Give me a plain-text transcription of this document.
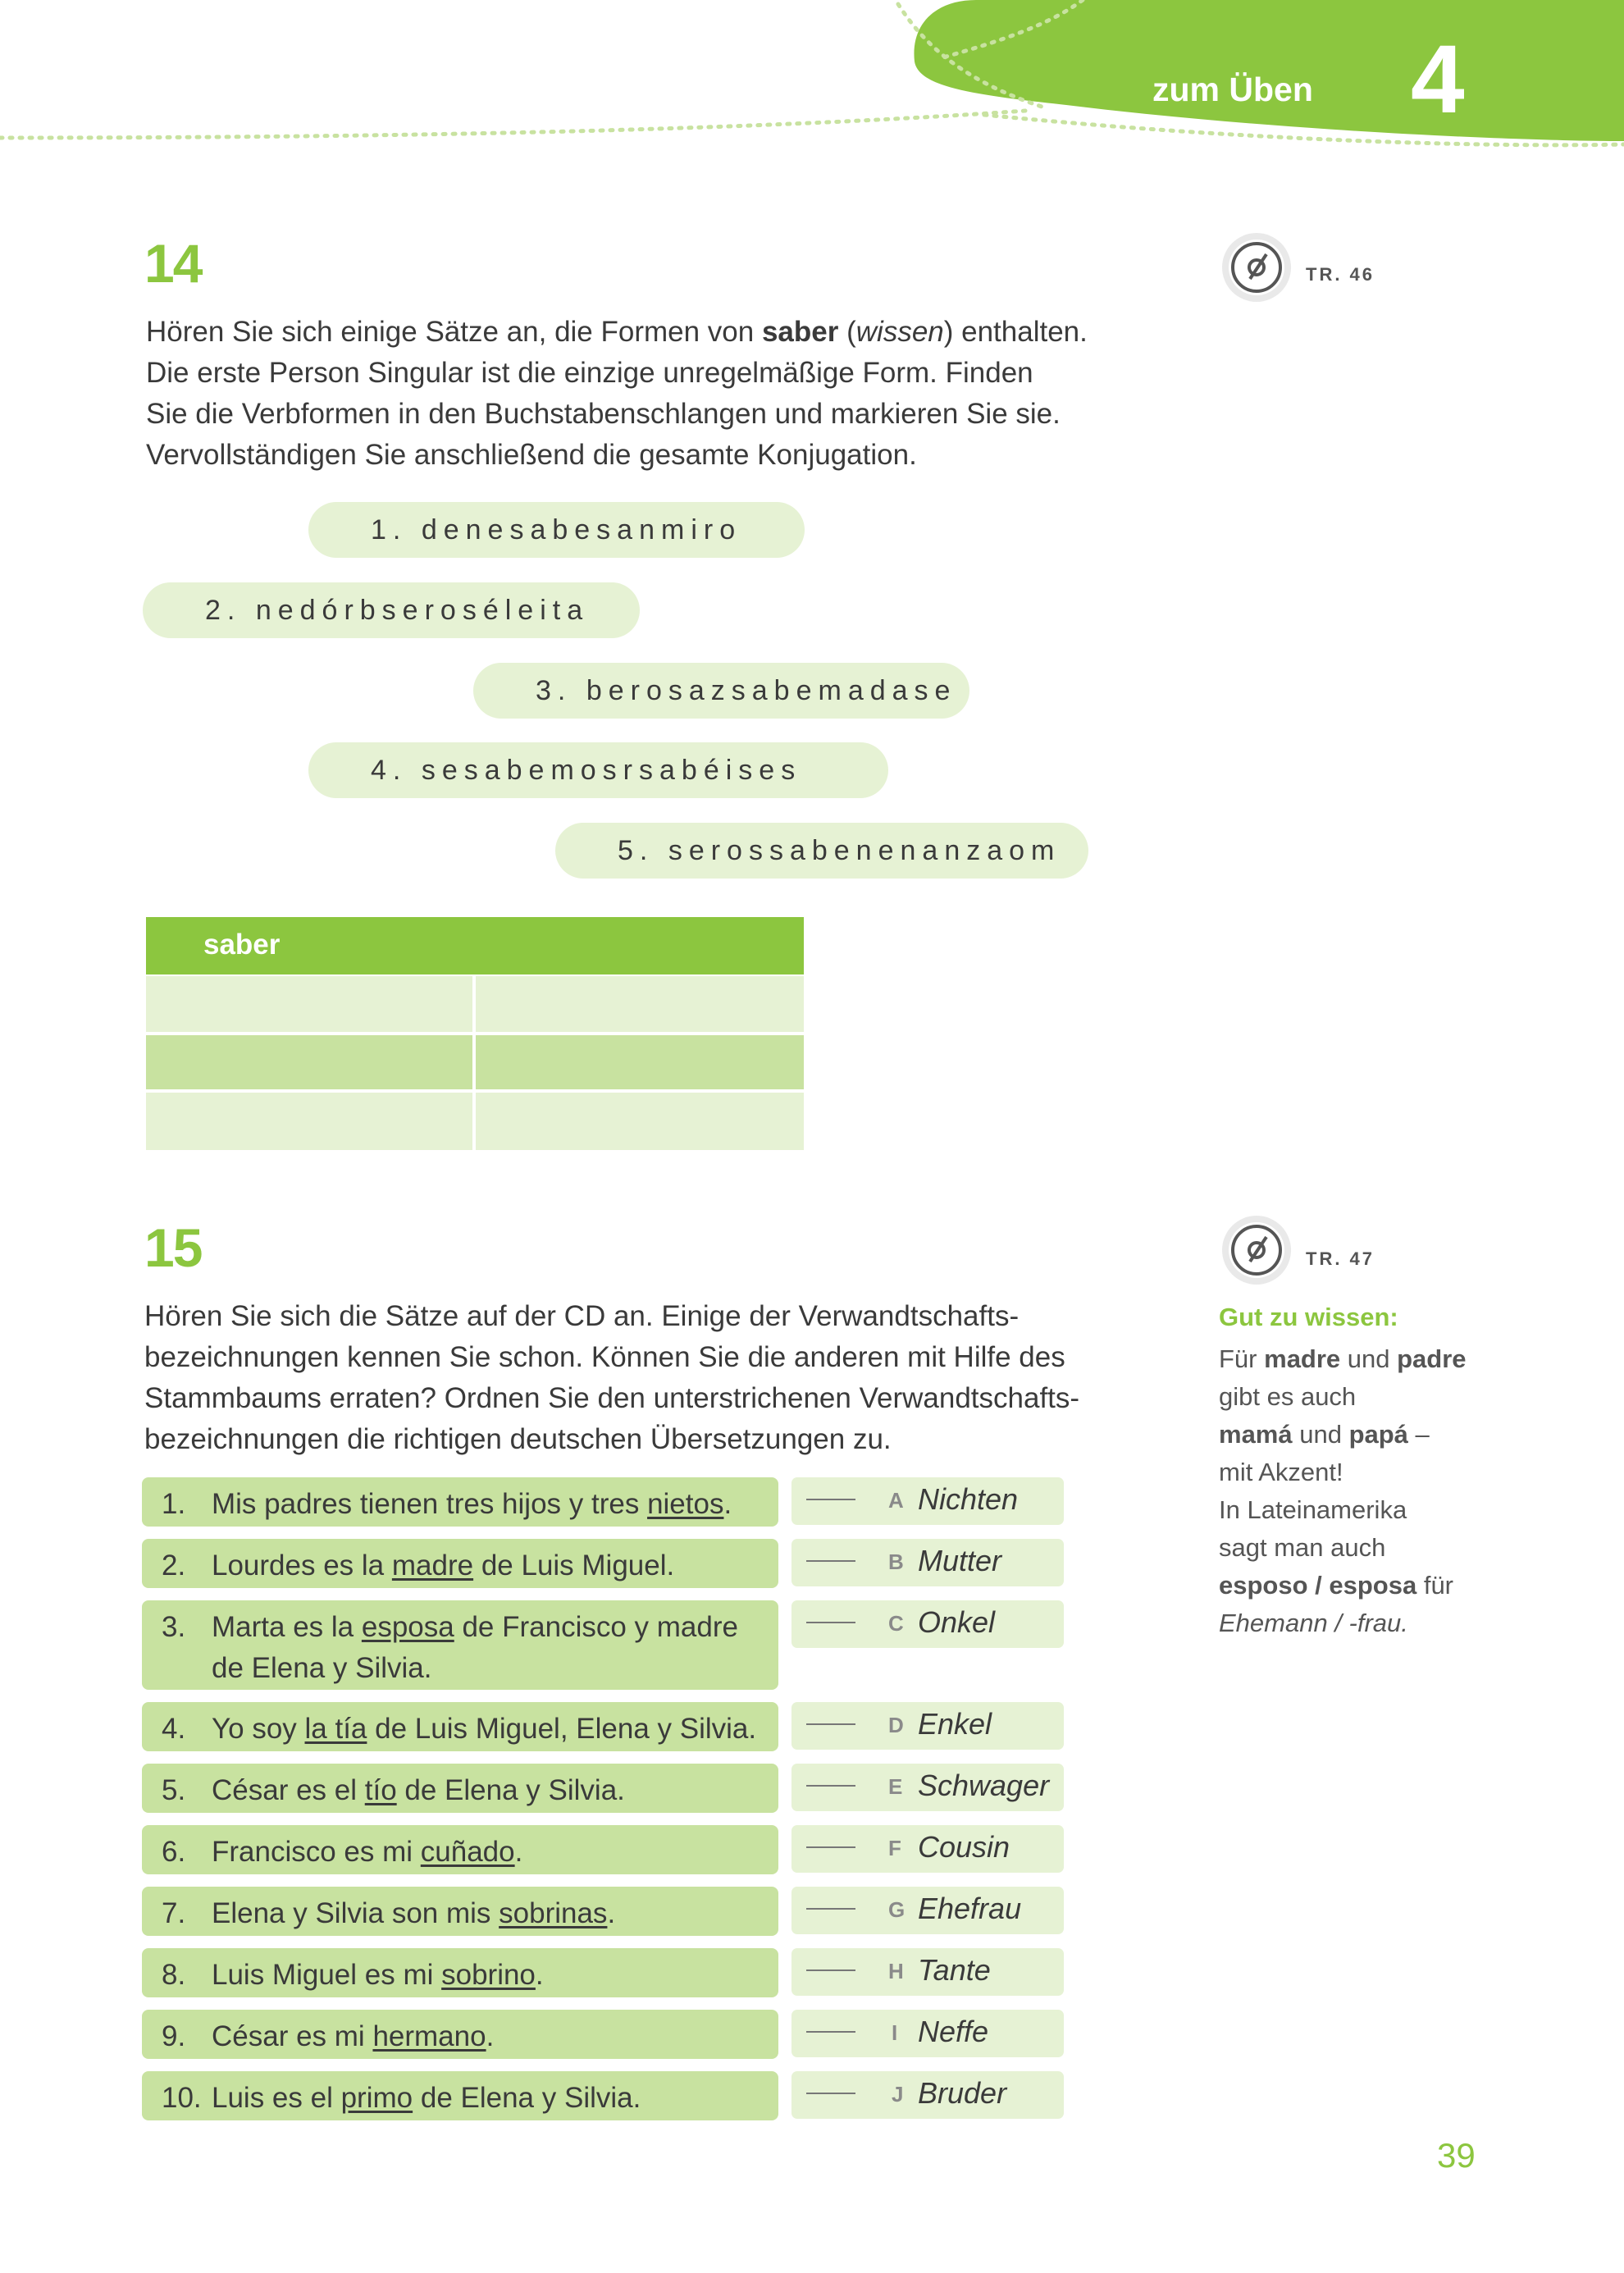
zum Üben 4
14	TR. 46
Hören Sie sich einige Sätze an, die Formen von saber (wissen) enthalten.
Die erste Person Singular ist die einzige unregelmäßige Form. Finden
Sie die Verbformen in den Buchstabenschlangen und markieren Sie sie.
Vervollständigen Sie anschließend die gesamte Konjugation.
1. denesabesanmiro
2. nedórbseroséleita
3. berosazsabemadase
4. sesabemosrsabéises
5. serossabenenanzaom
saber
15	TR. 47
Hören Sie sich die Sätze auf der CD an. Einige der Verwandtschafts-
bezeichnungen kennen Sie schon. Können Sie die anderen mit Hilfe des
Stammbaums erraten? Ordnen Sie den unterstrichenen Verwandtschafts-
bezeichnungen die richtigen deutschen Übersetzungen zu.
1. Mis padres tienen tres hijos y tres nietos.
2. Lourdes es la madre de Luis Miguel.
3. Marta es la esposa de Francisco y madre de Elena y Silvia.
4. Yo soy la tía de Luis Miguel, Elena y Silvia.
5. César es el tío de Elena y Silvia.
6. Francisco es mi cuñado.
7. Elena y Silvia son mis sobrinas.
8. Luis Miguel es mi sobrino.
9. César es mi hermano.
10. Luis es el primo de Elena y Silvia.
A Nichten
B Mutter
C Onkel
D Enkel
E Schwager
F Cousin
G Ehefrau
H Tante
I Neffe
J Bruder
Gut zu wissen:
Für madre und padre
gibt es auch
mamá und papá –
mit Akzent!
In Lateinamerika
sagt man auch
esposo / esposa für
Ehemann / -frau.
39
